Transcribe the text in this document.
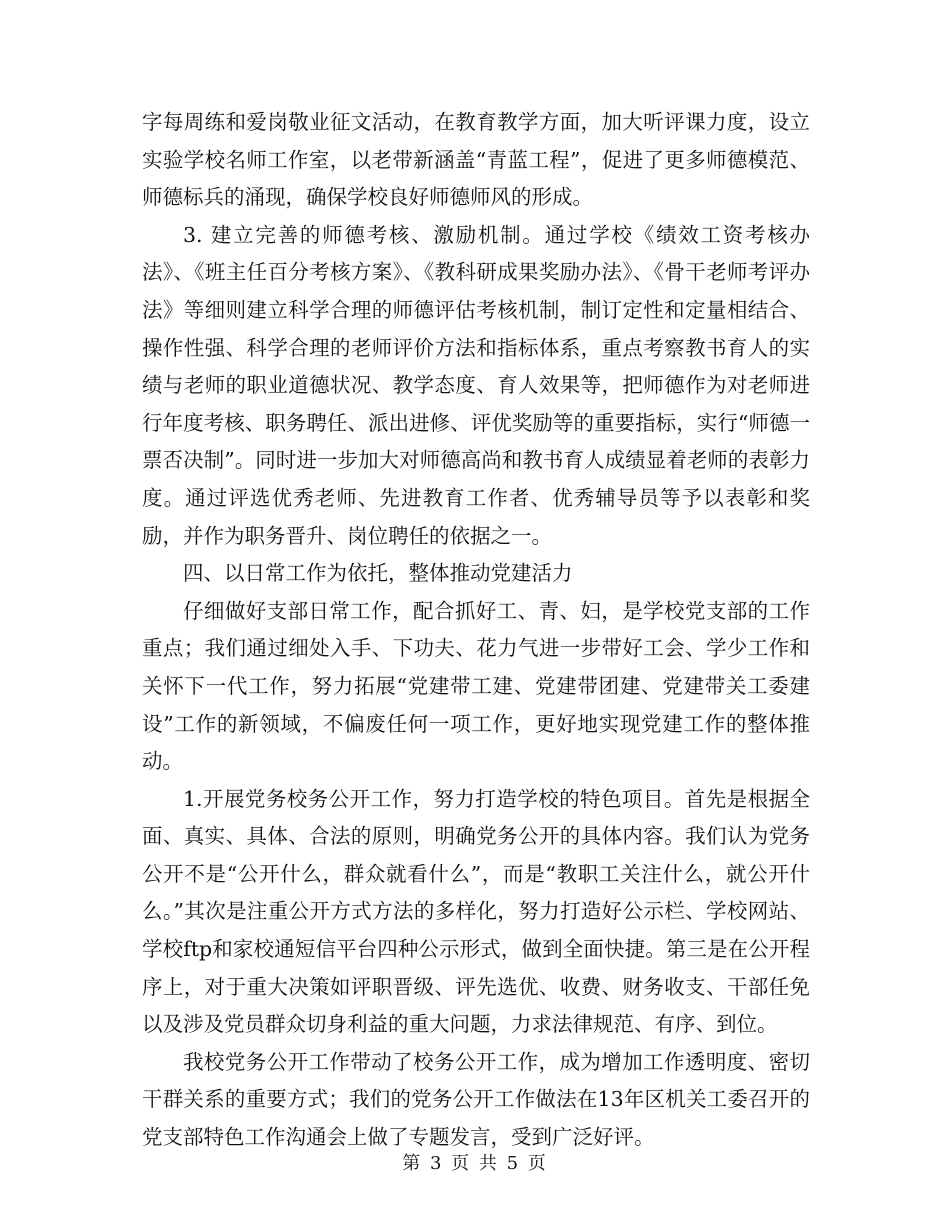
字每周练和爱岗敬业征文活动，在教育教学方面，加大听评课力度，设立实验学校名师工作室，以老带新涵盖“青蓝工程”，促进了更多师德模范、师德标兵的涌现，确保学校良好师德师风的形成。

3. 建立完善的师德考核、激励机制。通过学校《绩效工资考核办法》、《班主任百分考核方案》、《教科研成果奖励办法》、《骨干老师考评办法》等细则建立科学合理的师德评估考核机制，制订定性和定量相结合、操作性强、科学合理的老师评价方法和指标体系，重点考察教书育人的实绩与老师的职业道德状况、教学态度、育人效果等，把师德作为对老师进行年度考核、职务聘任、派出进修、评优奖励等的重要指标，实行“师德一票否决制”。同时进一步加大对师德高尚和教书育人成绩显着老师的表彰力度。通过评选优秀老师、先进教育工作者、优秀辅导员等予以表彰和奖励，并作为职务晋升、岗位聘任的依据之一。

四、以日常工作为依托，整体推动党建活力

仔细做好支部日常工作，配合抓好工、青、妇，是学校党支部的工作重点；我们通过细处入手、下功夫、花力气进一步带好工会、学少工作和关怀下一代工作，努力拓展“党建带工建、党建带团建、党建带关工委建设”工作的新领域，不偏废任何一项工作，更好地实现党建工作的整体推动。

1.开展党务校务公开工作，努力打造学校的特色项目。首先是根据全面、真实、具体、合法的原则，明确党务公开的具体内容。我们认为党务公开不是“公开什么，群众就看什么”，而是“教职工关注什么，就公开什么。”其次是注重公开方式方法的多样化，努力打造好公示栏、学校网站、学校ftp和家校通短信平台四种公示形式，做到全面快捷。第三是在公开程序上，对于重大决策如评职晋级、评先选优、收费、财务收支、干部任免以及涉及党员群众切身利益的重大问题，力求法律规范、有序、到位。

我校党务公开工作带动了校务公开工作，成为增加工作透明度、密切干群关系的重要方式；我们的党务公开工作做法在13年区机关工委召开的党支部特色工作沟通会上做了专题发言，受到广泛好评。

第 3 页 共 5 页
